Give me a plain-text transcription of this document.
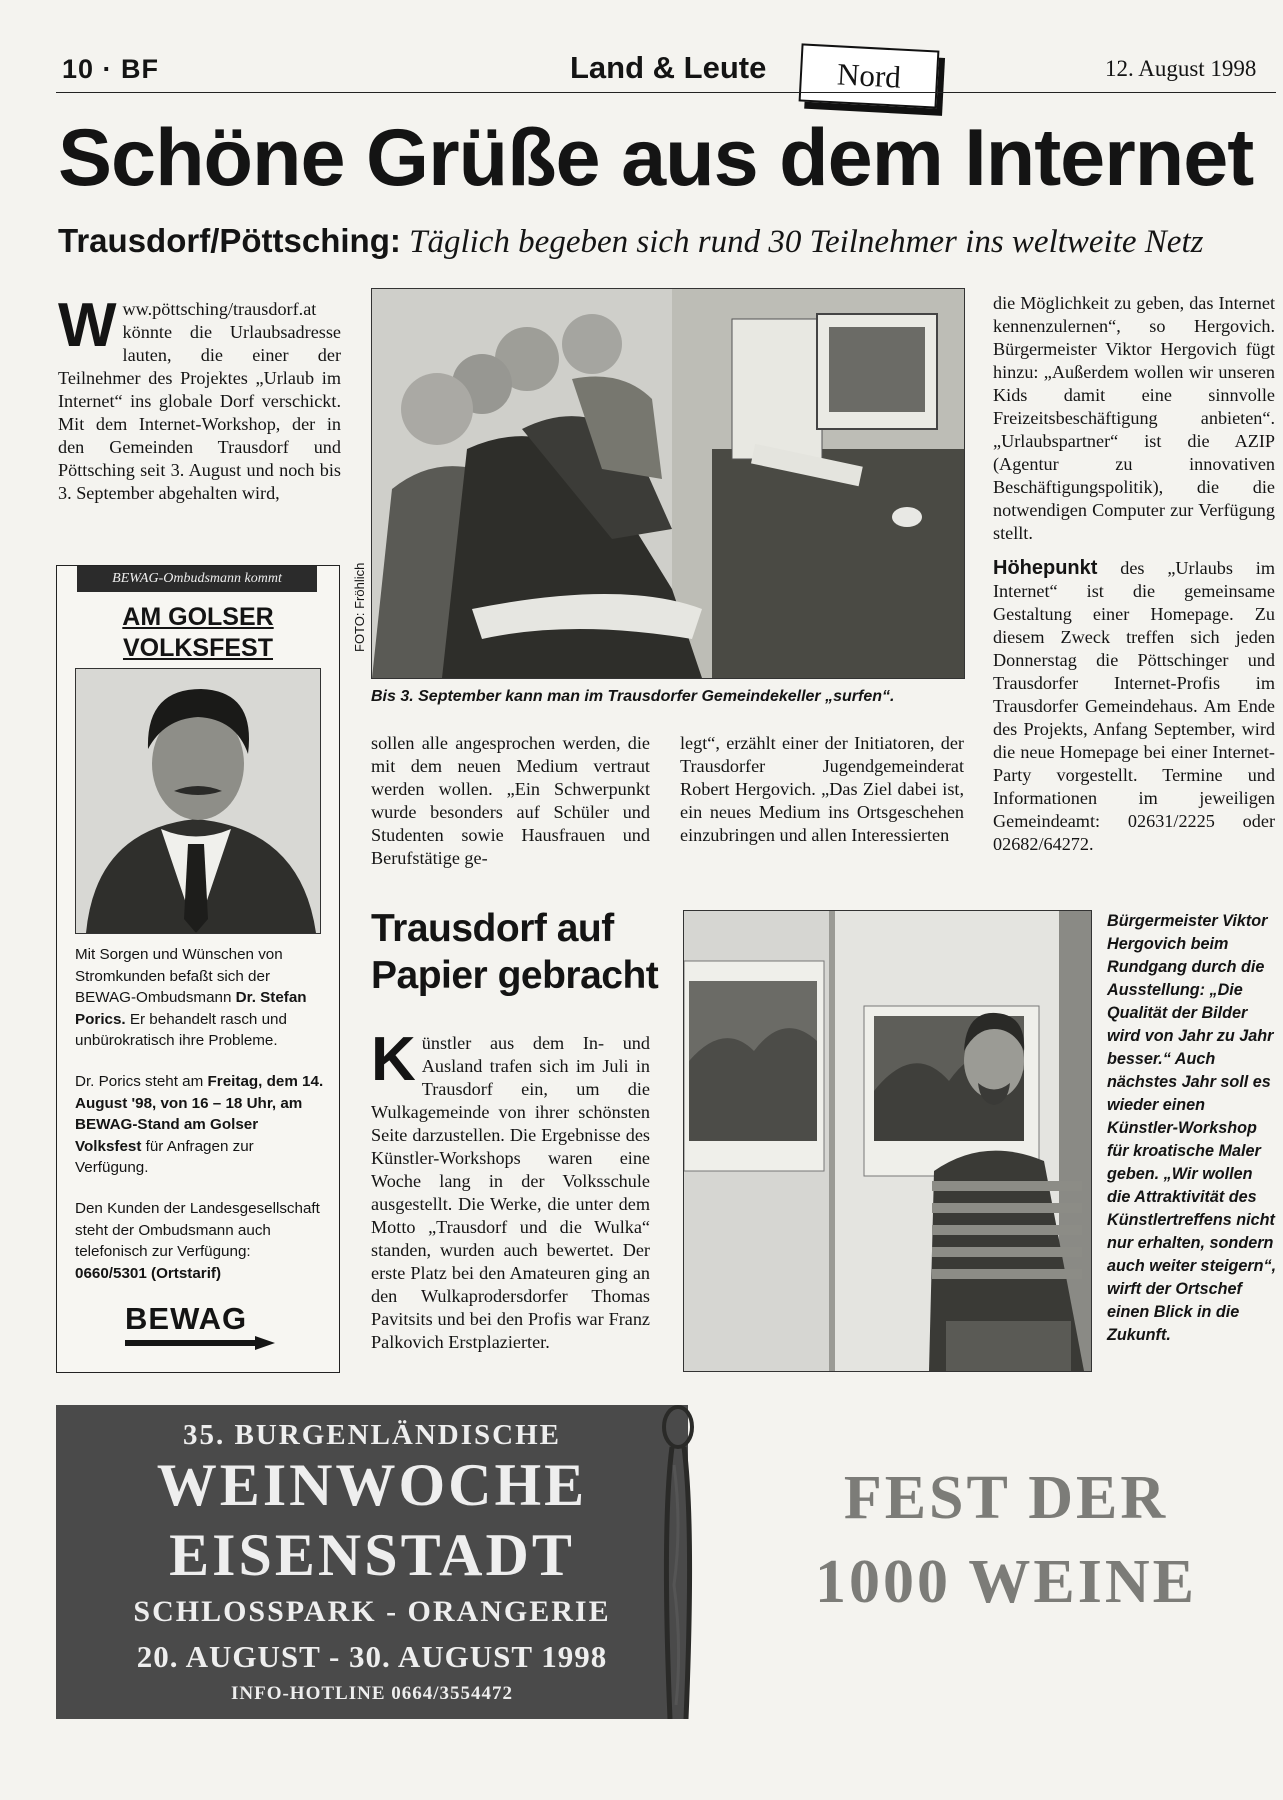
10 · BF	Land & Leute Nord	12. August 1998
Schöne Grüße aus dem Internet
Trausdorf/Pöttsching: Täglich begeben sich rund 30 Teilnehmer ins weltweite Netz
Www.pöttsching/trausdorf.at könnte die Urlaubsadresse lauten, die einer der Teilnehmer des Projektes „Urlaub im Internet“ ins globale Dorf verschickt. Mit dem Internet-Workshop, der in den Gemeinden Trausdorf und Pöttsching seit 3. August und noch bis 3. September abgehalten wird,
FOTO: Fröhlich
Bis 3. September kann man im Trausdorfer Gemeindekeller „surfen“.
sollen alle angesprochen werden, die mit dem neuen Medium vertraut werden wollen. „Ein Schwerpunkt wurde besonders auf Schüler und Studenten sowie Hausfrauen und Berufstätige ge-
legt“, erzählt einer der Initiatoren, der Trausdorfer Jugendgemeinderat Robert Hergovich. „Das Ziel dabei ist, ein neues Medium ins Ortsgeschehen einzubringen und allen Interessierten
die Möglichkeit zu geben, das Internet kennenzulernen“, so Hergovich. Bürgermeister Viktor Hergovich fügt hinzu: „Außerdem wollen wir unseren Kids damit eine sinnvolle Freizeitsbeschäftigung anbieten“. „Urlaubspartner“ ist die AZIP (Agentur zu innovativen Beschäftigungspolitik), die die notwendigen Computer zur Verfügung stellt.
Höhepunkt des „Urlaubs im Internet“ ist die gemeinsame Gestaltung einer Homepage. Zu diesem Zweck treffen sich jeden Donnerstag die Pöttschinger und Trausdorfer Internet-Profis im Trausdorfer Gemeindehaus. Am Ende des Projekts, Anfang September, wird die neue Homepage bei einer Internet-Party vorgestellt. Termine und Informationen im jeweiligen Gemeindeamt: 02631/2225 oder 02682/64272.
BEWAG-Ombudsmann kommt
AM GOLSER
VOLKSFEST
Mit Sorgen und Wünschen von Stromkunden befaßt sich der BEWAG-Ombudsmann Dr. Stefan Porics. Er behandelt rasch und unbürokratisch ihre Probleme.
Dr. Porics steht am Freitag, dem 14. August '98, von 16 – 18 Uhr, am BEWAG-Stand am Golser Volksfest für Anfragen zur Verfügung.
Den Kunden der Landesgesellschaft steht der Ombudsmann auch telefonisch zur Verfügung: 0660/5301 (Ortstarif)
BEWAG
Trausdorf auf Papier gebracht
Künstler aus dem In- und Ausland trafen sich im Juli in Trausdorf ein, um die Wulkagemeinde von ihrer schönsten Seite darzustellen. Die Ergebnisse des Künstler-Workshops waren eine Woche lang in der Volksschule ausgestellt. Die Werke, die unter dem Motto „Trausdorf und die Wulka“ standen, wurden auch bewertet. Der erste Platz bei den Amateuren ging an den Wulkaprodersdorfer Thomas Pavitsits und bei den Profis war Franz Palkovich Erstplazierter.
Bürgermeister Viktor Hergovich beim Rundgang durch die Ausstellung: „Die Qualität der Bilder wird von Jahr zu Jahr besser.“ Auch nächstes Jahr soll es wieder einen Künstler-Workshop für kroatische Maler geben. „Wir wollen die Attraktivität des Künstlertreffens nicht nur erhalten, sondern auch weiter steigern“, wirft der Ortschef einen Blick in die Zukunft.
35. BURGENLÄNDISCHE
WEINWOCHE
EISENSTADT
SCHLOSSPARK - ORANGERIE
20. AUGUST - 30. AUGUST 1998
INFO-HOTLINE 0664/3554472
FEST DER
1000 WEINE
